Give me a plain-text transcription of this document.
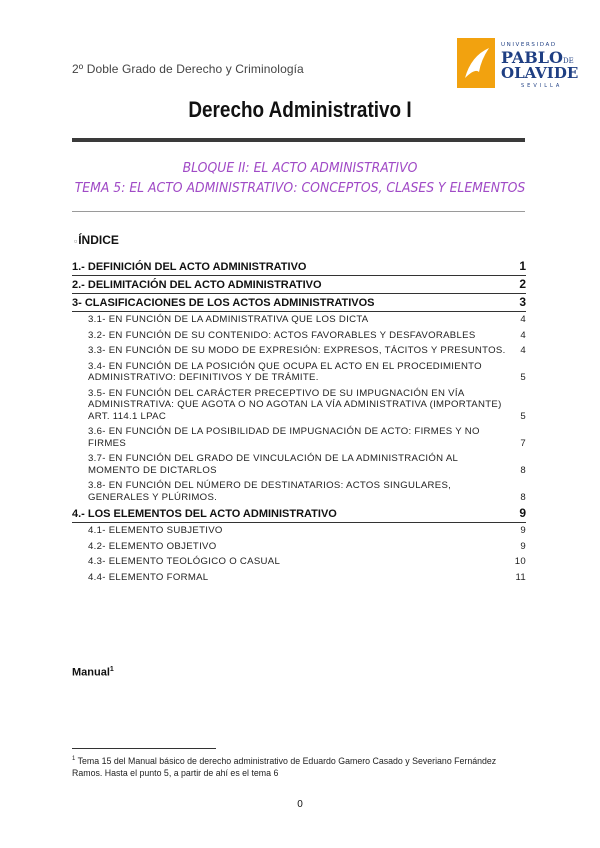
2º Doble Grado de Derecho y Criminología
UNIVERSIDAD
PABLO DE
OLAVIDE
SEVILLA
Derecho Administrativo I
BLOQUE II: EL ACTO ADMINISTRATIVO
TEMA 5: EL ACTO ADMINISTRATIVO: CONCEPTOS, CLASES Y ELEMENTOS
▫ÍNDICE
1.- DEFINICIÓN DEL ACTO ADMINISTRATIVO	1
2.- DELIMITACIÓN DEL ACTO ADMINISTRATIVO	2
3- CLASIFICACIONES DE LOS ACTOS ADMINISTRATIVOS	3
3.1- EN FUNCIÓN DE LA ADMINISTRATIVA QUE LOS DICTA	4
3.2- EN FUNCIÓN DE SU CONTENIDO: ACTOS FAVORABLES Y DESFAVORABLES	4
3.3- EN FUNCIÓN DE SU MODO DE EXPRESIÓN: EXPRESOS, TÁCITOS Y PRESUNTOS. 4
3.4- EN FUNCIÓN DE LA POSICIÓN QUE OCUPA EL ACTO EN EL PROCEDIMIENTO ADMINISTRATIVO: DEFINITIVOS Y DE TRÁMITE.	5
3.5- EN FUNCIÓN DEL CARÁCTER PRECEPTIVO DE SU IMPUGNACIÓN EN VÍA ADMINISTRATIVA: QUE AGOTA O NO AGOTAN LA VÍA ADMINISTRATIVA (IMPORTANTE) ART. 114.1 LPAC	5
3.6- EN FUNCIÓN DE LA POSIBILIDAD DE IMPUGNACIÓN DE ACTO: FIRMES Y NO FIRMES	7
3.7- EN FUNCIÓN DEL GRADO DE VINCULACIÓN DE LA ADMINISTRACIÓN AL MOMENTO DE DICTARLOS	8
3.8- EN FUNCIÓN DEL NÚMERO DE DESTINATARIOS: ACTOS SINGULARES, GENERALES Y PLÚRIMOS.	8
4.- LOS ELEMENTOS DEL ACTO ADMINISTRATIVO	9
4.1- ELEMENTO SUBJETIVO	9
4.2- ELEMENTO OBJETIVO	9
4.3- ELEMENTO TEOLÓGICO O CASUAL	10
4.4- ELEMENTO FORMAL	11
Manual$^1$
$^1$ Tema 15 del Manual básico de derecho administrativo de Eduardo Gamero Casado y Severiano Fernández Ramos. Hasta el punto 5, a partir de ahí es el tema 6
0
